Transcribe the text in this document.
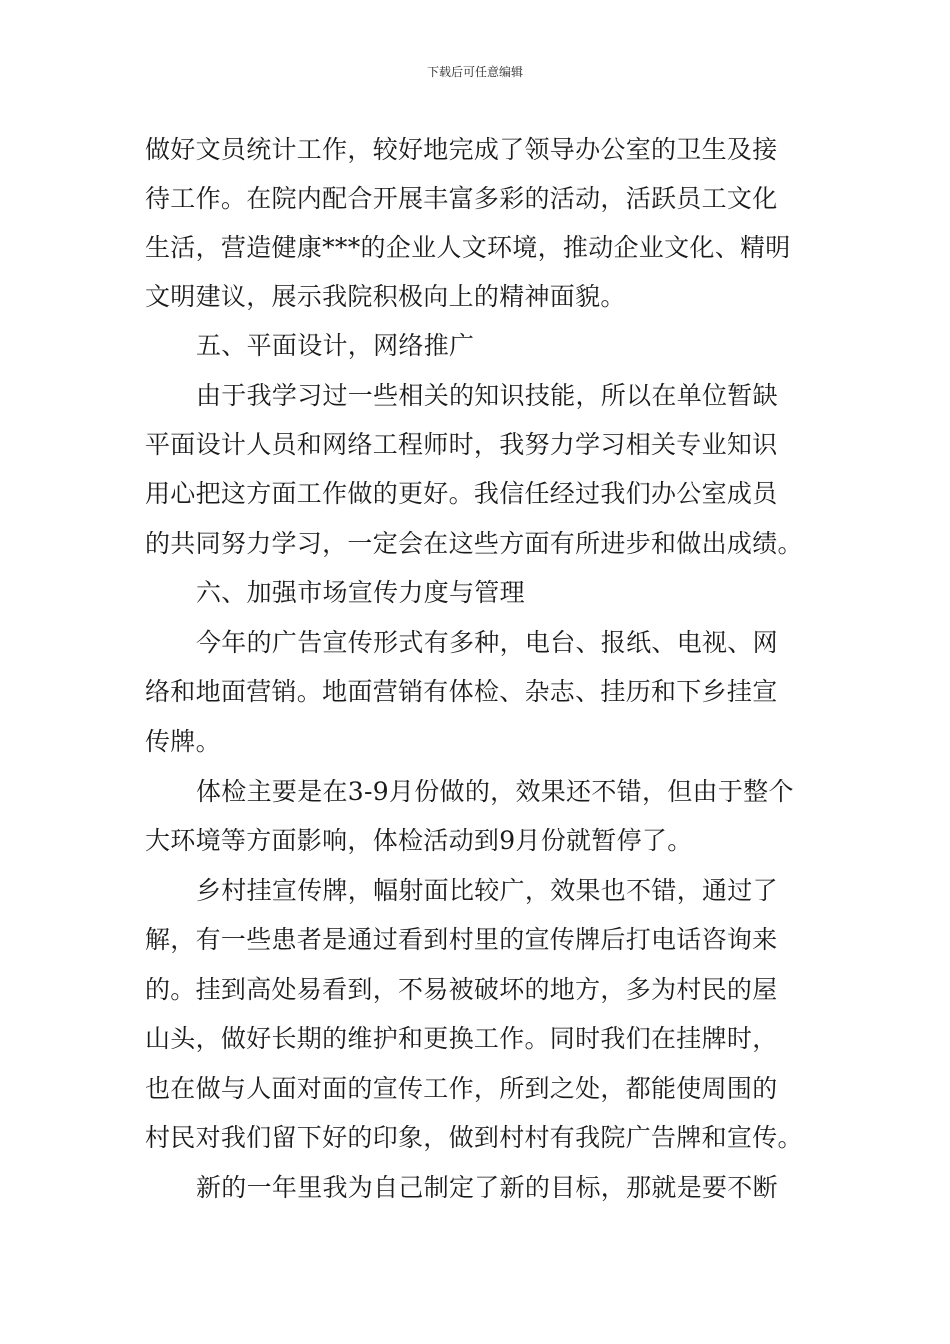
下载后可任意编辑
做好文员统计工作，较好地完成了领导办公室的卫生及接
待工作。在院内配合开展丰富多彩的活动，活跃员工文化
生活，营造健康***的企业人文环境，推动企业文化、精明
文明建议，展示我院积极向上的精神面貌。
五、平面设计，网络推广
由于我学习过一些相关的知识技能，所以在单位暂缺
平面设计人员和网络工程师时，我努力学习相关专业知识
用心把这方面工作做的更好。我信任经过我们办公室成员
的共同努力学习，一定会在这些方面有所进步和做出成绩。
六、加强市场宣传力度与管理
今年的广告宣传形式有多种，电台、报纸、电视、网
络和地面营销。地面营销有体检、杂志、挂历和下乡挂宣
传牌。
体检主要是在3-9月份做的，效果还不错，但由于整个
大环境等方面影响，体检活动到9月份就暂停了。
乡村挂宣传牌，幅射面比较广，效果也不错，通过了
解，有一些患者是通过看到村里的宣传牌后打电话咨询来
的。挂到高处易看到，不易被破坏的地方，多为村民的屋
山头，做好长期的维护和更换工作。同时我们在挂牌时，
也在做与人面对面的宣传工作，所到之处，都能使周围的
村民对我们留下好的印象，做到村村有我院广告牌和宣传。
新的一年里我为自己制定了新的目标，那就是要不断
